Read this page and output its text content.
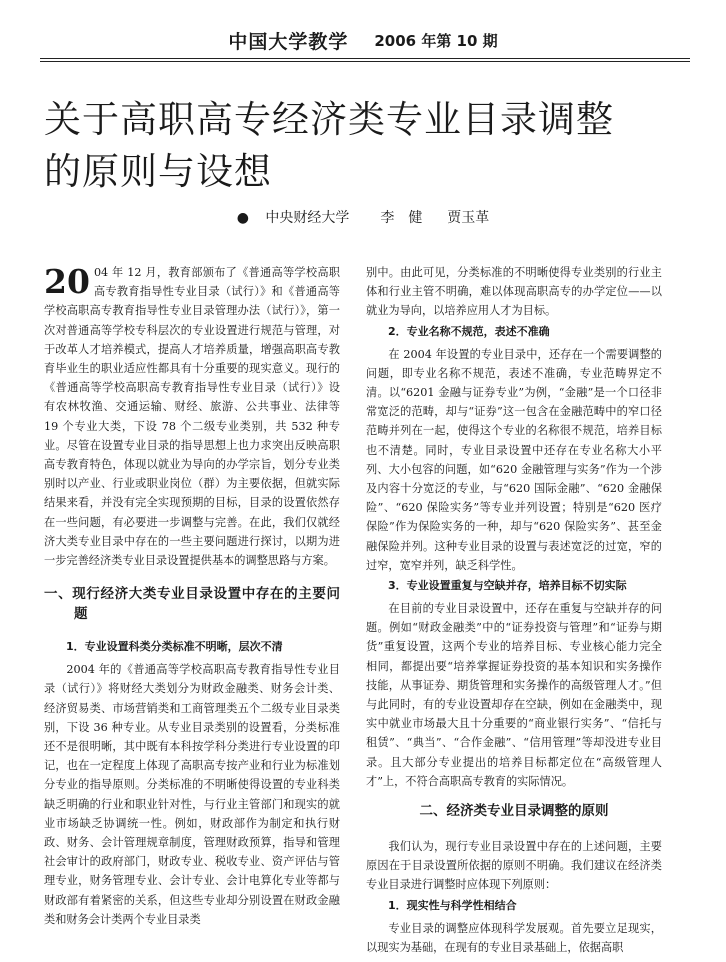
中国大学教学 2006 年第 10 期
关于高职高专经济类专业目录调整
的原则与设想
● 中央财经大学 李　健 贾玉革

20 04 年 12 月，教育部颁布了《普通高等学校高职高专教育指导性专业目录（试行）》和《普通高等学校高职高专教育指导性专业目录管理办法（试行）》，第一次对普通高等学校专科层次的专业设置进行规范与管理，对于改革人才培养模式，提高人才培养质量，增强高职高专教育毕业生的职业适应性都具有十分重要的现实意义。现行的《普通高等学校高职高专教育指导性专业目录（试行）》设有农林牧渔、交通运输、财经、旅游、公共事业、法律等 19 个专业大类，下设 78 个二级专业类别，共 532 种专业。尽管在设置专业目录的指导思想上也力求突出反映高职高专教育特色，体现以就业为导向的办学宗旨，划分专业类别时以产业、行业或职业岗位（群）为主要依据，但就实际结果来看，并没有完全实现预期的目标，目录的设置依然存在一些问题，有必要进一步调整与完善。在此，我们仅就经济大类专业目录中存在的一些主要问题进行探讨，以期为进一步完善经济类专业目录设置提供基本的调整思路与方案。

一、现行经济大类专业目录设置中存在的主要问题
1．专业设置科类分类标准不明晰，层次不清

2004 年的《普通高等学校高职高专教育指导性专业目录（试行）》将财经大类划分为财政金融类、财务会计类、经济贸易类、市场营销类和工商管理类五个二级专业目录类别，下设 36 种专业。从专业目录类别的设置看，分类标准还不是很明晰，其中既有本科按学科分类进行专业设置的印记，也在一定程度上体现了高职高专按产业和行业为标准划分专业的指导原则。分类标准的不明晰使得设置的专业科类缺乏明确的行业和职业针对性，与行业主管部门和现实的就业市场缺乏协调统一性。例如，财政部作为制定和执行财政、财务、会计管理规章制度，管理财政预算，指导和管理社会审计的政府部门，财政专业、税收专业、资产评估与管理专业，财务管理专业、会计专业、会计电算化专业等都与财政部有着紧密的关系，但这些专业却分别设置在财政金融类和财务会计类两个专业目录类

别中。由此可见，分类标准的不明晰使得专业类别的行业主体和行业主管不明确，难以体现高职高专的办学定位——以就业为导向，以培养应用人才为目标。

2．专业名称不规范，表述不准确

在 2004 年设置的专业目录中，还存在一个需要调整的问题，即专业名称不规范，表述不准确，专业范畴界定不清。以“6201 金融与证券专业”为例，“金融”是一个口径非常宽泛的范畴，却与“证券”这一包含在金融范畴中的窄口径范畴并列在一起，使得这个专业的名称很不规范，培养目标也不清楚。同时，专业目录设置中还存在专业名称大小平列、大小包容的问题，如“620 金融管理与实务”作为一个涉及内容十分宽泛的专业，与“620 国际金融”、“620 金融保险”、“620 保险实务”等专业并列设置；特别是“620 医疗保险”作为保险实务的一种，却与“620 保险实务”、甚至金融保险并列。这种专业目录的设置与表述宽泛的过宽，窄的过窄，宽窄并列，缺乏科学性。

3．专业设置重复与空缺并存，培养目标不切实际

在目前的专业目录设置中，还存在重复与空缺并存的问题。例如“财政金融类”中的“证券投资与管理”和“证券与期货”重复设置，这两个专业的培养目标、专业核心能力完全相同，都提出要“培养掌握证券投资的基本知识和实务操作技能，从事证券、期货管理和实务操作的高级管理人才。”但与此同时，有的专业设置却存在空缺，例如在金融类中，现实中就业市场最大且十分重要的“商业银行实务”、“信托与租赁”、“典当”、“合作金融”、“信用管理”等却没进专业目录。且大部分专业提出的培养目标都定位在“高级管理人才”上，不符合高职高专教育的实际情况。

二、经济类专业目录调整的原则

我们认为，现行专业目录设置中存在的上述问题，主要原因在于目录设置所依据的原则不明确。我们建议在经济类专业目录进行调整时应体现下列原则：

1．现实性与科学性相结合

专业目录的调整应体现科学发展观。首先要立足现实，以现实为基础，在现有的专业目录基础上，依据高职
